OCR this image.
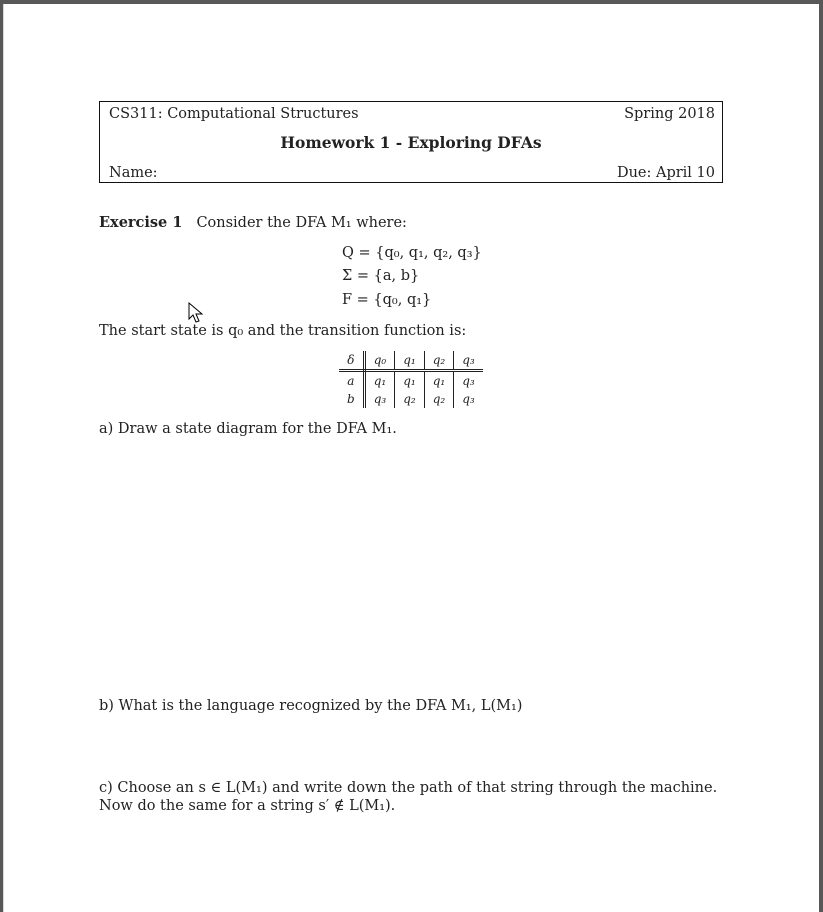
CS311: Computational Structures	Spring 2018
Homework 1 - Exploring DFAs
Name:	Due: April 10
Exercise 1 Consider the DFA M₁ where:
Q = {q₀, q₁, q₂, q₃}
Σ = {a, b}
F = {q₀, q₁}
The start state is q₀ and the transition function is:
δ	q₀	q₁	q₂	q₃
a	q₁	q₁	q₁	q₃
b	q₃	q₂	q₂	q₃
a) Draw a state diagram for the DFA M₁.
b) What is the language recognized by the DFA M₁, L(M₁)
c) Choose an s ∈ L(M₁) and write down the path of that string through the machine. Now do the same for a string s′ ∉ L(M₁).
